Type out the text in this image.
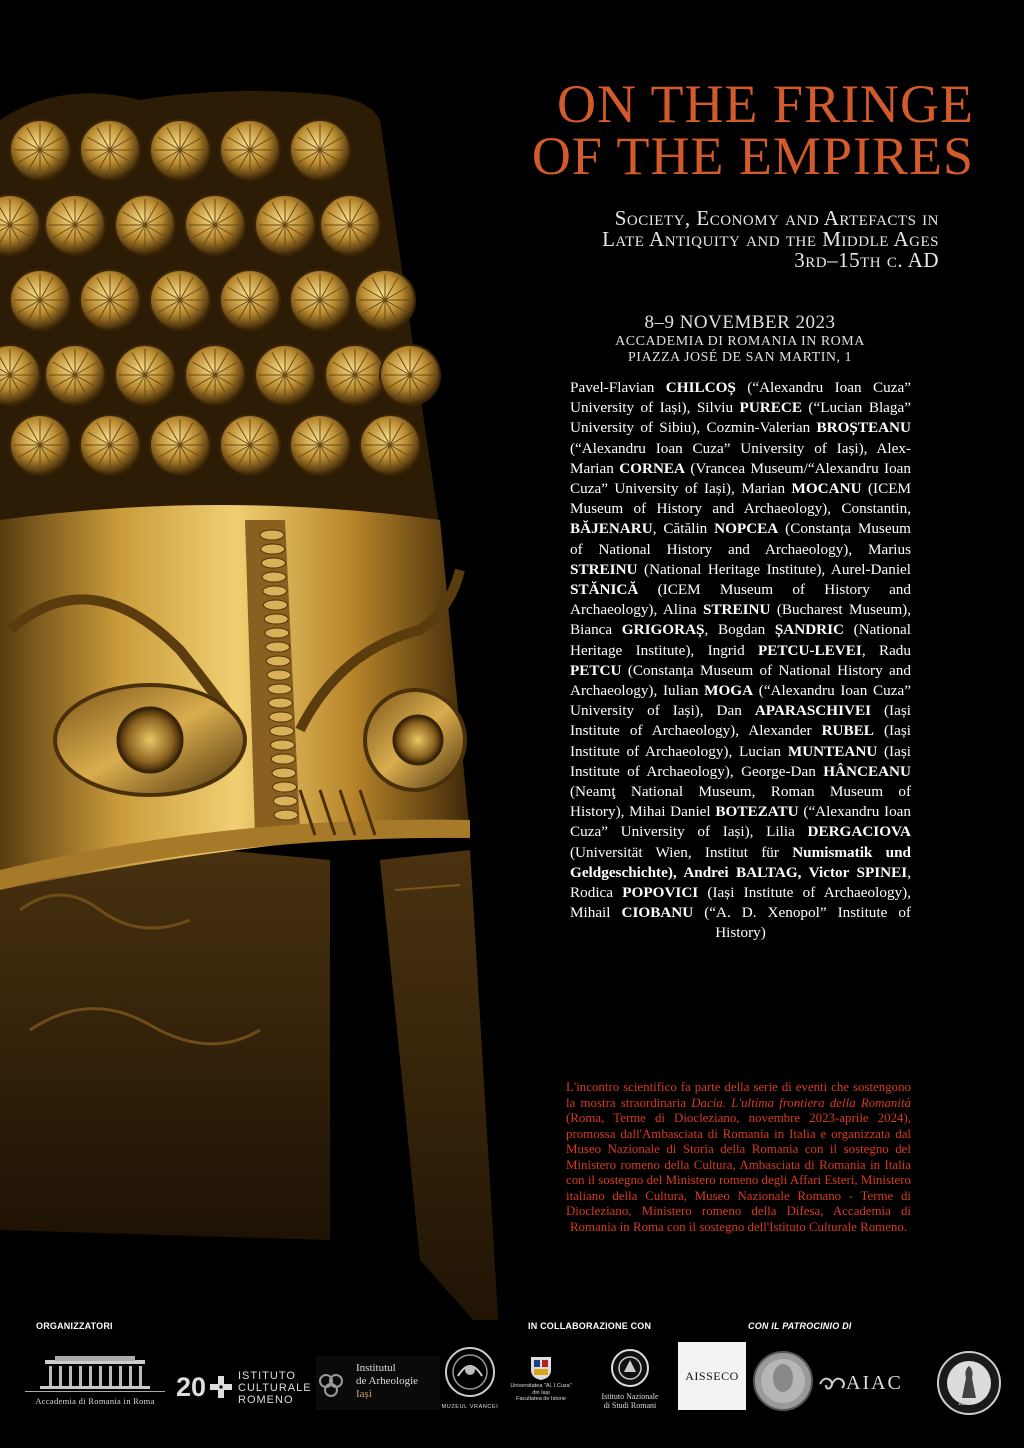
ON THE FRINGE
OF THE EMPIRES
Society, Economy and Artefacts in
Late Antiquity and the Middle Ages
3rd–15th c. AD
8–9 NOVEMBER 2023
ACCADEMIA DI ROMANIA IN ROMA
PIAZZA JOSÉ DE SAN MARTIN, 1
Pavel-Flavian CHILCOȘ (“Alexandru Ioan Cuza” University of Iași), Silviu PURECE (“Lucian Blaga” University of Sibiu), Cozmin-Valerian BROȘTEANU (“Alexandru Ioan Cuza” University of Iași), Alex-Marian CORNEA (Vrancea Museum/“Alexandru Ioan Cuza” University of Iași), Marian MOCANU (ICEM Museum of History and Archaeology), Constantin, BĂJENARU, Cătălin NOPCEA (Constanța Museum of National History and Archaeology), Marius STREINU (National Heritage Institute), Aurel-Daniel STĂNICĂ (ICEM Museum of History and Archaeology), Alina STREINU (Bucharest Museum), Bianca GRIGORAȘ, Bogdan ȘANDRIC (National Heritage Institute), Ingrid PETCU-LEVEI, Radu PETCU (Constanța Museum of National History and Archaeology), Iulian MOGA (“Alexandru Ioan Cuza” University of Iași), Dan APARASCHIVEI (Iași Institute of Archaeology), Alexander RUBEL (Iași Institute of Archaeology), Lucian MUNTEANU (Iași Institute of Archaeology), George-Dan HÂNCEANU (Neamţ National Museum, Roman Museum of History), Mihai Daniel BOTEZATU (“Alexandru Ioan Cuza” University of Iași), Lilia DERGACIOVA (Universität Wien, Institut für Numismatik und Geldgeschichte), Andrei BALTAG, Victor SPINEI, Rodica POPOVICI (Iași Institute of Archaeology), Mihail CIOBANU (“A. D. Xenopol” Institute of History)
L'incontro scientifico fa parte della serie di eventi che sostengono la mostra straordinaria Dacia. L'ultima frontiera della Romanità (Roma, Terme di Diocleziano, novembre 2023-aprile 2024), promossa dall'Ambasciata di Romania in Italia e organizzata dal Museo Nazionale di Storia della Romania con il sostegno del Ministero romeno della Cultura, Ambasciata di Romania in Italia con il sostegno del Ministero romeno degli Affari Esteri, Ministero italiano della Cultura, Museo Nazionale Romano - Terme di Diocleziano, Ministero romeno della Difesa, Accademia di Romania in Roma con il sostegno dell'Istituto Culturale Romeno.
ORGANIZZATORI	IN COLLABORAZIONE CON	CON IL PATROCINIO DI
Accademia di Romania in Roma 20	ISTITUTO
CULTURALE
ROMENO
Institutul
de Arheologie
Iași
MUZEUL VRANCEI
Universitatea "Al. I.Cuza"
din Iași
Facultatea de Istorie	Istituto Nazionale
di Studi Romani
AISSECO	AIAC
1866
